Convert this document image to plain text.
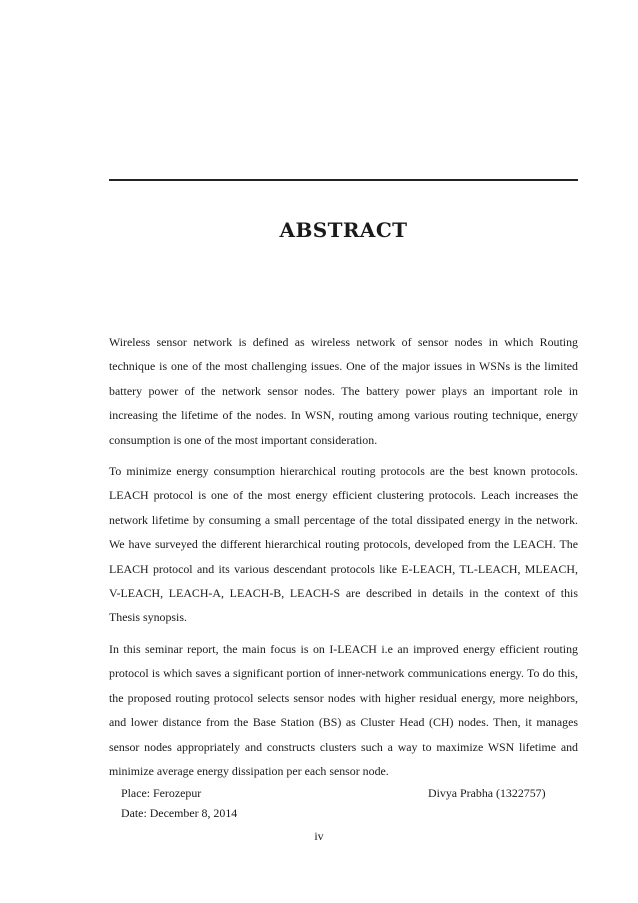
ABSTRACT

Wireless sensor network is defined as wireless network of sensor nodes in which Routing technique is one of the most challenging issues. One of the major issues in WSNs is the limited battery power of the network sensor nodes. The battery power plays an important role in increasing the lifetime of the nodes. In WSN, routing among various routing technique, energy consumption is one of the most important consideration.

To minimize energy consumption hierarchical routing protocols are the best known protocols. LEACH protocol is one of the most energy efficient clustering protocols. Leach increases the network lifetime by consuming a small percentage of the total dissipated energy in the network. We have surveyed the different hierarchical routing protocols, developed from the LEACH. The LEACH protocol and its various descendant protocols like E-LEACH, TL-LEACH, MLEACH, V-LEACH, LEACH-A, LEACH-B, LEACH-S are described in details in the context of this Thesis synopsis.

In this seminar report, the main focus is on I-LEACH i.e an improved energy efficient routing protocol is which saves a significant portion of inner-network communications energy. To do this, the proposed routing protocol selects sensor nodes with higher residual energy, more neighbors, and lower distance from the Base Station (BS) as Cluster Head (CH) nodes. Then, it manages sensor nodes appropriately and constructs clusters such a way to maximize WSN lifetime and minimize average energy dissipation per each sensor node.

Place: Ferozepur	Divya Prabha (1322757)
Date: December 8, 2014
iv
